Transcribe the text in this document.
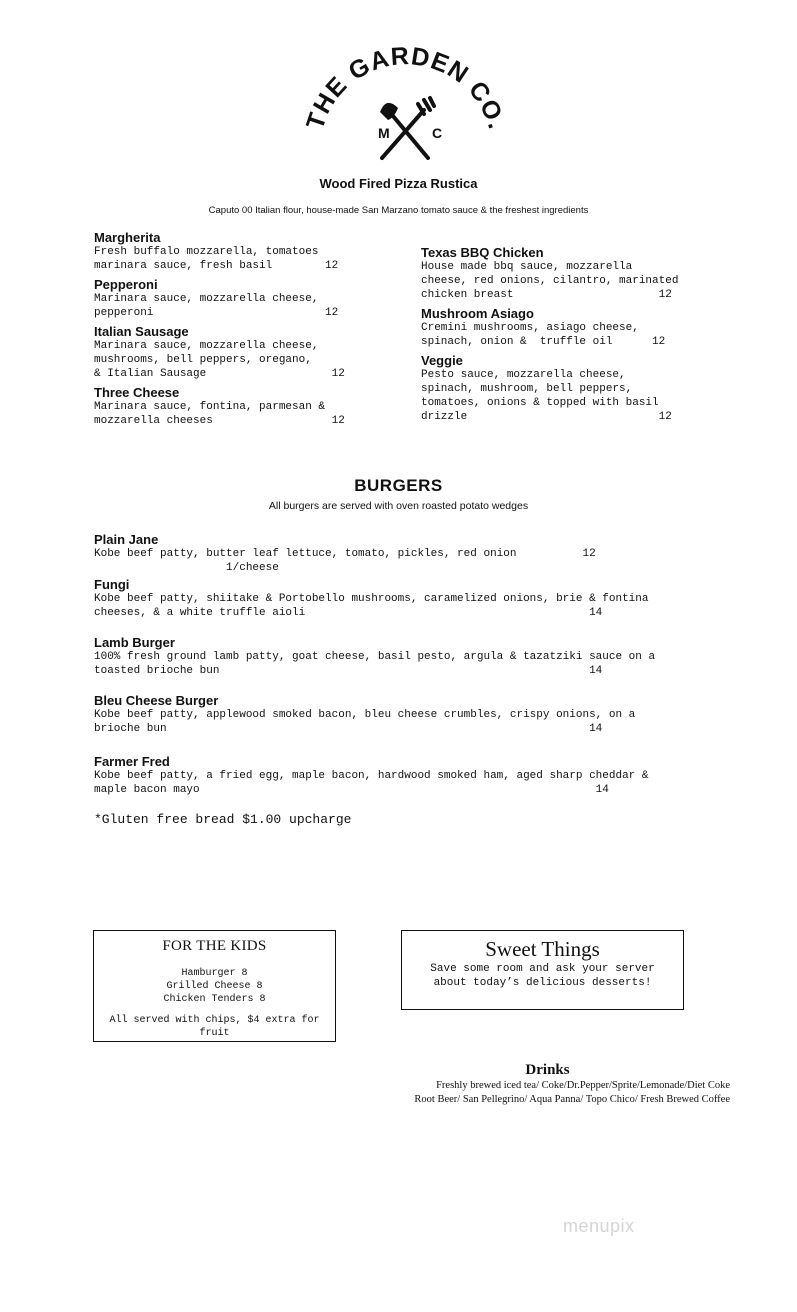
THE GARDEN CO.
M	C
Wood Fired Pizza Rustica
Caputo 00 Italian flour, house-made San Marzano tomato sauce & the freshest ingredients
Margherita
Fresh buffalo mozzarella, tomatoes
marinara sauce, fresh basil        12
Pepperoni
Marinara sauce, mozzarella cheese,
pepperoni                          12
Italian Sausage
Marinara sauce, mozzarella cheese,
mushrooms, bell peppers, oregano,
& Italian Sausage                   12
Three Cheese
Marinara sauce, fontina, parmesan &
mozzarella cheeses                  12
Texas BBQ Chicken
House made bbq sauce, mozzarella
cheese, red onions, cilantro, marinated
chicken breast                      12
Mushroom Asiago
Cremini mushrooms, asiago cheese,
spinach, onion &  truffle oil      12
Veggie
Pesto sauce, mozzarella cheese,
spinach, mushroom, bell peppers,
tomatoes, onions & topped with basil
drizzle                             12
BURGERS
All burgers are served with oven roasted potato wedges
Plain Jane
Kobe beef patty, butter leaf lettuce, tomato, pickles, red onion          12
1/cheese
Fungi
Kobe beef patty, shiitake & Portobello mushrooms, caramelized onions, brie & fontina
cheeses, & a white truffle aioli                                           14
Lamb Burger
100% fresh ground lamb patty, goat cheese, basil pesto, argula & tazatziki sauce on a
toasted brioche bun                                                        14
Bleu Cheese Burger
Kobe beef patty, applewood smoked bacon, bleu cheese crumbles, crispy onions, on a
brioche bun                                                                14
Farmer Fred
Kobe beef patty, a fried egg, maple bacon, hardwood smoked ham, aged sharp cheddar &
maple bacon mayo                                                            14
*Gluten free bread $1.00 upcharge
FOR THE KIDS
Hamburger 8
Grilled Cheese 8
Chicken Tenders 8
All served with chips, $4 extra for fruit
Sweet Things
Save some room and ask your server about today’s delicious desserts!
Drinks
Freshly brewed iced tea/ Coke/Dr.Pepper/Sprite/Lemonade/Diet Coke
Root Beer/ San Pellegrino/ Aqua Panna/ Topo Chico/ Fresh Brewed Coffee
menupix
